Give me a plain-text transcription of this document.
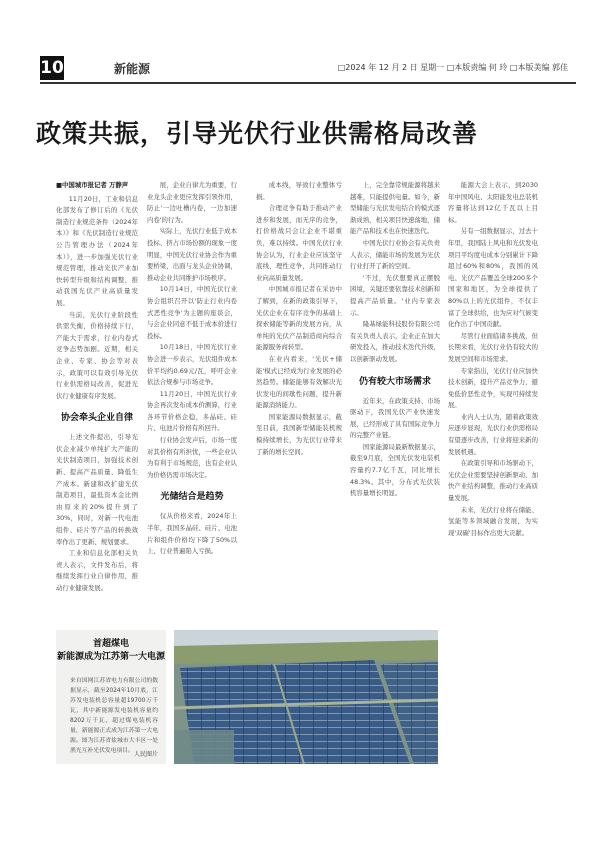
10	新能源	□2024 年 12 月 2 日 星期一 □本版责编 何 玲 □本版美编 郭佳
政策共振，引导光伏行业供需格局改善

■中国城市报记者 万静声

11月20日，工业和信息化部发布了修订后的《光伏制造行业规范条件（2024年本）》和《光伏制造行业规范公告管理办法（2024年本）》，进一步加强光伏行业规范管理，推动光伏产业加快转型升级和结构调整，推动我国光伏产业高质量发展。

当前，光伏行业阶段性供需失衡，价格持续下行，产能大于需求，行业内卷式竞争态势加剧。近期，相关企业、专家、协会等对表示，政策可以有效引导光伏行业供需格局改善，促进光伏行业健康有序发展。

协会牵头企业自律

上述文件提出，引导光伏企业减少单纯扩大产能的光伏制造项目，加强技术创新、提高产品质量、降低生产成本。新建和改扩建光伏制造项目，最低资本金比例由原来的20%提升到了30%，同时，对新一代电池组件、硅片等产品的转换效率作出了更新、规划要求。

工业和信息化部相关负责人表示，文件发布后，将继续发挥行业自律作用，推动行业健康发展。

展，企业自律尤为重要，行业龙头企业更应发挥引领作用，防止'一边吐槽内卷，一边加速内卷'的行为。

实际上，光伏行业低于成本投标、挤占市场份额的现象一度明显，中国光伏行业协会作为重要桥梁，出面与龙头企业协调，推动企业共同维护市场秩序。

10月14日，中国光伏行业协会组织召开以'防止行业内卷式恶性竞争'为主题的座谈会，与会企业同意不低于成本价进行投标。

10月18日，中国光伏行业协会进一步表示，光伏组件成本价平均约0.69元/瓦，呼吁企业依法合规参与市场竞争。

11月20日，中国光伏行业协会再次发布成本价测算，行业各环节价格企稳，多晶硅、硅片、电池片价格有所回升。

行业协会发声后，市场一度对其价格有所担忧，一些企业认为有利于市场规范，也有企业认为价格仍需市场决定。

光储结合是趋势

仅从价格来看，2024年上半年，我国多晶硅、硅片、电池片和组件价格均下降了50%以上，行业普遍陷入亏损。

成本线，导致行业整体亏损。

合理竞争有助于推动产业进步和发展，而无序的竞争，打价格战只会让企业不堪重负，难以持续。中国光伏行业协会认为，行业企业应该坚守底线，理性竞争，共同推动行业向高质量发展。

中国城市报记者在采访中了解到，在新的政策引导下，光伏企业在有序竞争的基础上探索储能等新的发展方向，从单纯的光伏产品制造商向综合能源服务商转型。

在业内看来，'光伏+储能'模式已经成为行业发展的必然趋势。储能能够有效解决光伏发电的间歇性问题，提升新能源消纳能力。

国家能源局数据显示，截至目前，我国新型储能装机规模持续增长，为光伏行业带来了新的增长空间。

上，完全靠常规能源将越来越难，只能提供电量。如今，新型储能与光伏发电结合的模式逐渐成熟，相关项目快速落地，储能产品和技术也在快速迭代。

中国光伏行业协会有关负责人表示，储能市场的发展为光伏行业打开了新的空间。

'不过，光伏想要真正摆脱困境，关键还要依靠技术创新和提高产品质量。'业内专家表示。

隆基绿能科技股份有限公司有关负责人表示，企业正在加大研发投入，推动技术迭代升级，以创新驱动发展。

仍有较大市场需求

近年来，在政策支持、市场驱动下，我国光伏产业快速发展，已经形成了具有国际竞争力的完整产业链。

国家能源局最新数据显示，截至9月底，全国光伏发电装机容量约7.7亿千瓦，同比增长48.3%。其中，分布式光伏装机容量增长明显。

能源大会上表示，到2030年中国风电、太阳能发电总装机容量将达到12亿千瓦以上目标。

另有一组数据显示，过去十年里，我国陆上风电和光伏发电项目平均度电成本分别累计下降超过60%和80%，我国的风电、光伏产品覆盖全球200多个国家和地区，为全球提供了80%以上的光伏组件，不仅丰富了全球供给，也为应对气候变化作出了中国贡献。

尽管行业面临诸多挑战，但长期来看，光伏行业仍有较大的发展空间和市场需求。

专家指出，光伏行业应加快技术创新，提升产品竞争力，避免低价恶性竞争，实现可持续发展。

业内人士认为，随着政策效应逐步显现，光伏行业供需格局有望逐步改善，行业将迎来新的发展机遇。

在政策引导和市场驱动下，光伏企业需要坚持创新驱动，加快产业结构调整，推动行业高质量发展。

未来，光伏行业将在储能、氢能等多领域融合发展，为实现'双碳'目标作出更大贡献。

首超煤电
新能源成为江苏第一大电源
来自国网江苏省电力有限公司的数据显示，截至2024年10月底，江苏发电装机总容量超19700万千瓦，其中新能源发电装机容量约8202万千瓦，超过煤电装机容量，新能源正式成为江苏第一大电源。图为江苏省盐城市大丰区一处渔光互补光伏发电项目。 人民图片
